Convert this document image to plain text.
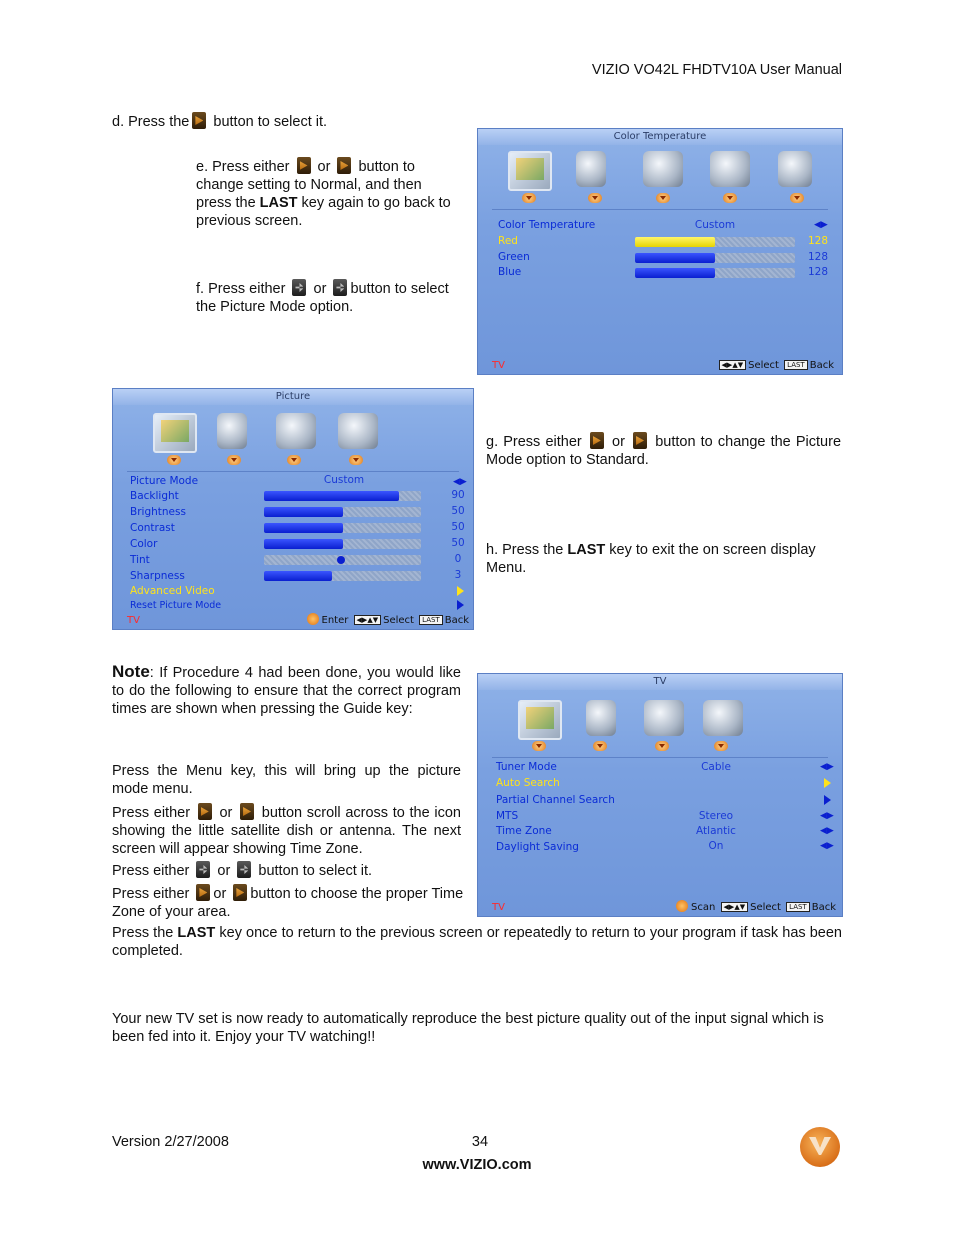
VIZIO VO42L FHDTV10A User Manual
d. Press the button to select it.
e. Press either  or  button to change setting to Normal, and then press the LAST key again to go back to previous screen.
f. Press either  or button to select the Picture Mode option.
Color Temperature
Color Temperature	Custom	◀▶
Red	128
Green	128
Blue	128
TV	◀▶▲▼ Select LAST Back
Picture
Picture Mode	Custom	◀▶
Backlight	90
Brightness	50
Contrast	50
Color	50
Tint	0
Sharpness	3
Advanced Video
Reset Picture Mode
TV	Enter ◀▶▲▼ Select LAST Back
g. Press either  or  button to change the Picture Mode option to Standard.
h. Press the LAST key to exit the on screen display Menu.
Note: If Procedure 4 had been done, you would like to do the following to ensure that the correct program times are shown when pressing the Guide key:
Press the Menu key, this will bring up the picture mode menu.
Press either  or  button scroll across to the icon showing the little satellite dish or antenna. The next screen will appear showing Time Zone.
Press either  or  button to select it.
Press either or button to choose the proper Time Zone of your area.
TV
Tuner Mode	Cable	◀▶
Auto Search
Partial Channel Search
MTS	Stereo	◀▶
Time Zone	Atlantic	◀▶
Daylight Saving	On	◀▶
TV	Scan ◀▶▲▼ Select LAST Back
Press the LAST key once to return to the previous screen or repeatedly to return to your program if task has been completed.
Your new TV set is now ready to automatically reproduce the best picture quality out of the input signal which is been fed into it. Enjoy your TV watching!!
Version 2/27/2008	34
www.VIZIO.com
